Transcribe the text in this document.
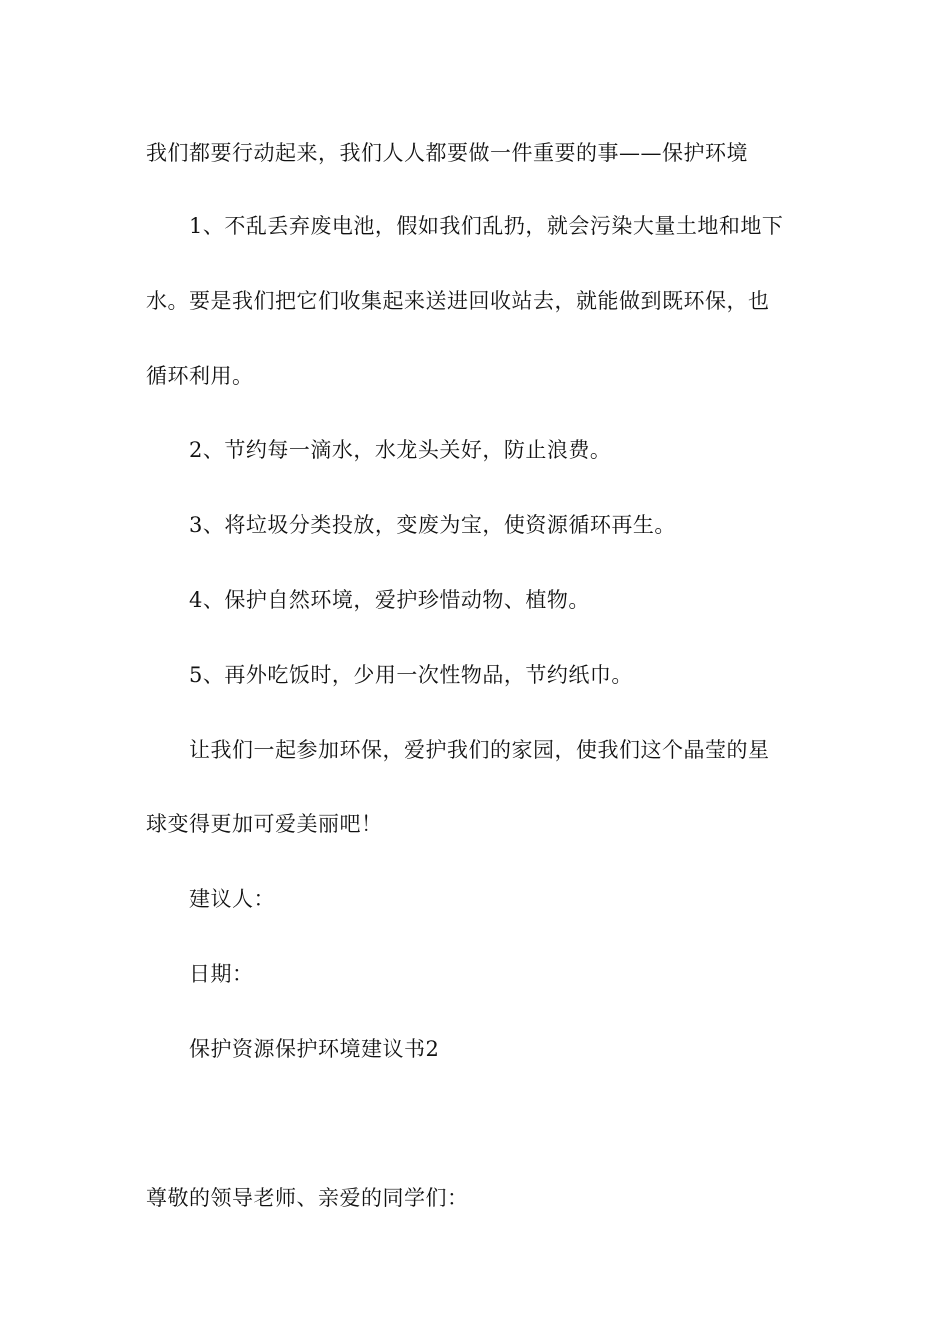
我们都要行动起来，我们人人都要做一件重要的事——保护环境
1、不乱丢弃废电池，假如我们乱扔，就会污染大量土地和地下
水。要是我们把它们收集起来送进回收站去，就能做到既环保，也
循环利用。
2、节约每一滴水，水龙头关好，防止浪费。
3、将垃圾分类投放，变废为宝，使资源循环再生。
4、保护自然环境，爱护珍惜动物、植物。
5、再外吃饭时，少用一次性物品，节约纸巾。
让我们一起参加环保，爱护我们的家园，使我们这个晶莹的星
球变得更加可爱美丽吧！
建议人：
日期：
保护资源保护环境建议书2
尊敬的领导老师、亲爱的同学们：
